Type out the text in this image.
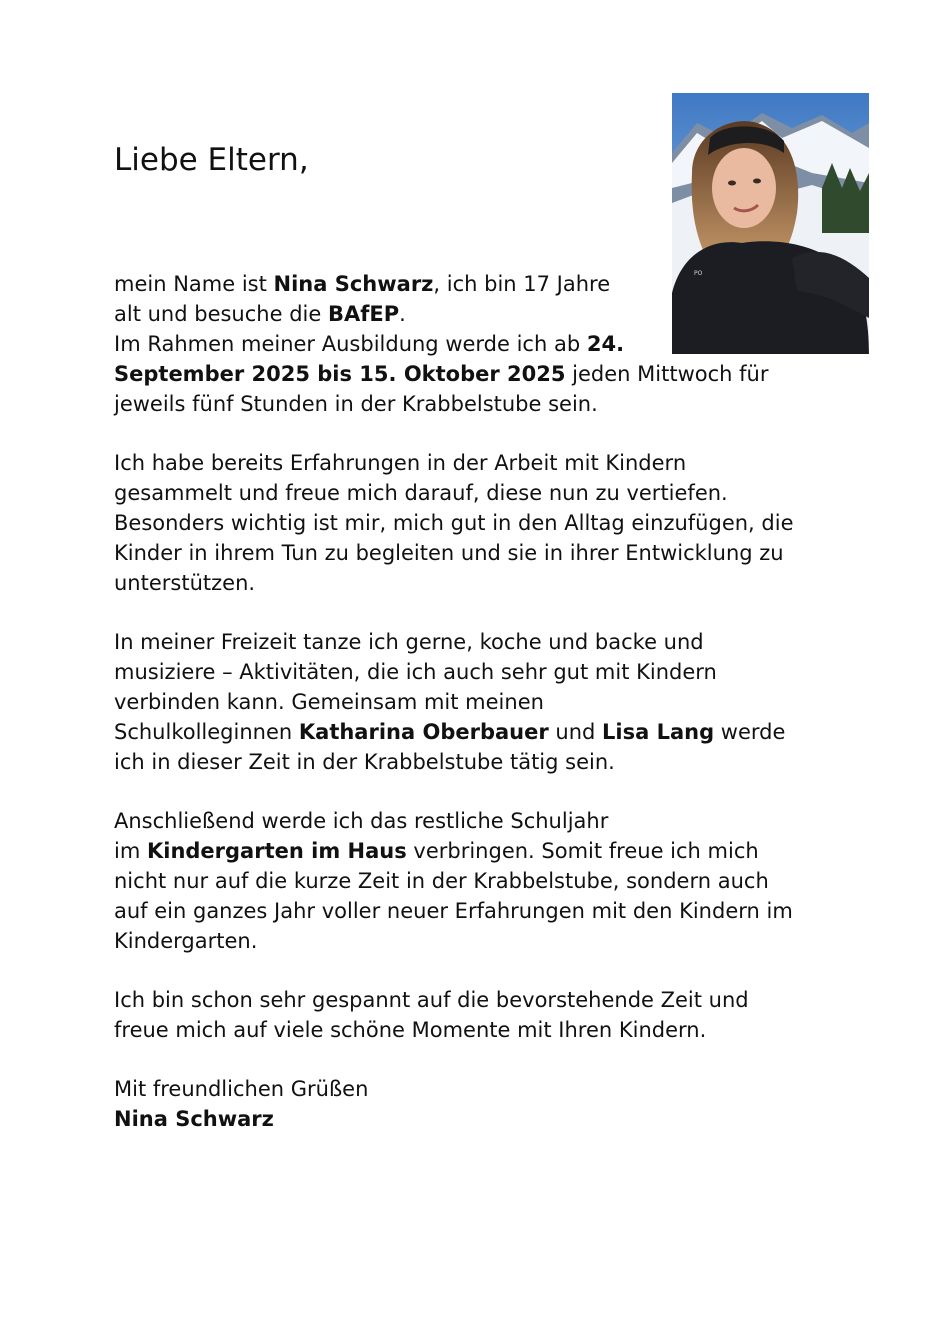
Liebe Eltern,
PO

mein Name ist Nina Schwarz, ich bin 17 Jahre
alt und besuche die BAfEP.
Im Rahmen meiner Ausbildung werde ich ab 24.
September 2025 bis 15. Oktober 2025 jeden Mittwoch für
jeweils fünf Stunden in der Krabbelstube sein.

Ich habe bereits Erfahrungen in der Arbeit mit Kindern
gesammelt und freue mich darauf, diese nun zu vertiefen.
Besonders wichtig ist mir, mich gut in den Alltag einzufügen, die
Kinder in ihrem Tun zu begleiten und sie in ihrer Entwicklung zu
unterstützen.

In meiner Freizeit tanze ich gerne, koche und backe und
musiziere – Aktivitäten, die ich auch sehr gut mit Kindern
verbinden kann. Gemeinsam mit meinen
Schulkolleginnen Katharina Oberbauer und Lisa Lang werde
ich in dieser Zeit in der Krabbelstube tätig sein.

Anschließend werde ich das restliche Schuljahr
im Kindergarten im Haus verbringen. Somit freue ich mich
nicht nur auf die kurze Zeit in der Krabbelstube, sondern auch
auf ein ganzes Jahr voller neuer Erfahrungen mit den Kindern im
Kindergarten.

Ich bin schon sehr gespannt auf die bevorstehende Zeit und
freue mich auf viele schöne Momente mit Ihren Kindern.

Mit freundlichen Grüßen

Nina Schwarz
